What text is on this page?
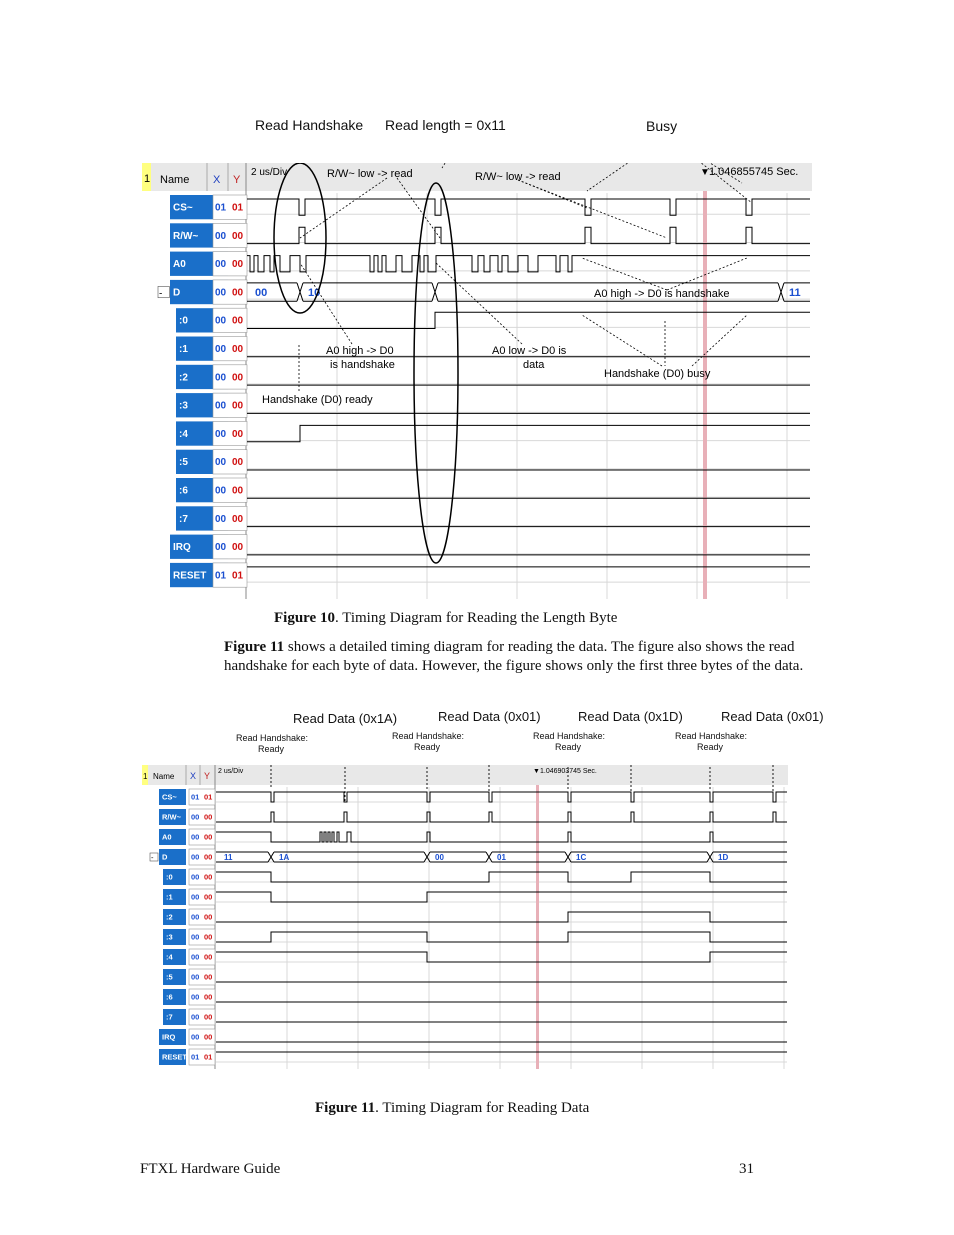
Read Handshake Read length = 0x11	Busy
1 Name X Y
2 us/Div	R/W~ low -> read	R/W~ low -> read	▼ 1.046855745 Sec.
CS~ 01 01
R/W~ 00 00
A0	00 00
D	00 00
-
:0	00 00
:1	00 00
:2	00 00
:3	00 00
:4	00 00
:5	00 00
:6	00 00
:7	00 00
IRQ 00 00
RESET 01 01
00	10	11
A0 high -> D0 is handshake
A0 high -> D0
is handshake
A0 low -> D0 is
data
Handshake (D0) busy
Handshake (D0) ready
Figure 10. Timing Diagram for Reading the Length Byte
Figure 11 shows a detailed timing diagram for reading the data. The figure also shows the read handshake for each byte of data. However, the figure shows only the first three bytes of the data.
Read Data (0x1A)	Read Data (0x01)	Read Data (0x1D)	Read Data (0x01)
Read Handshake:
Ready
Read Handshake:
Ready
Read Handshake:
Ready
Read Handshake:
Ready
1 Name X Y 2 us/Div	▼ 1.046903745 Sec.
CS~ 01 01
R/W~ 00 00
A0	00 00
D	00 00
-
:0 00 00
:1 00 00
:2 00 00
:3 00 00
:4 00 00
:5 00 00
:6 00 00
:7 00 00
IRQ 00 00
RESET 01 01
11	1A	00	01	1C	1D
Figure 11. Timing Diagram for Reading Data
FTXL Hardware Guide	31
